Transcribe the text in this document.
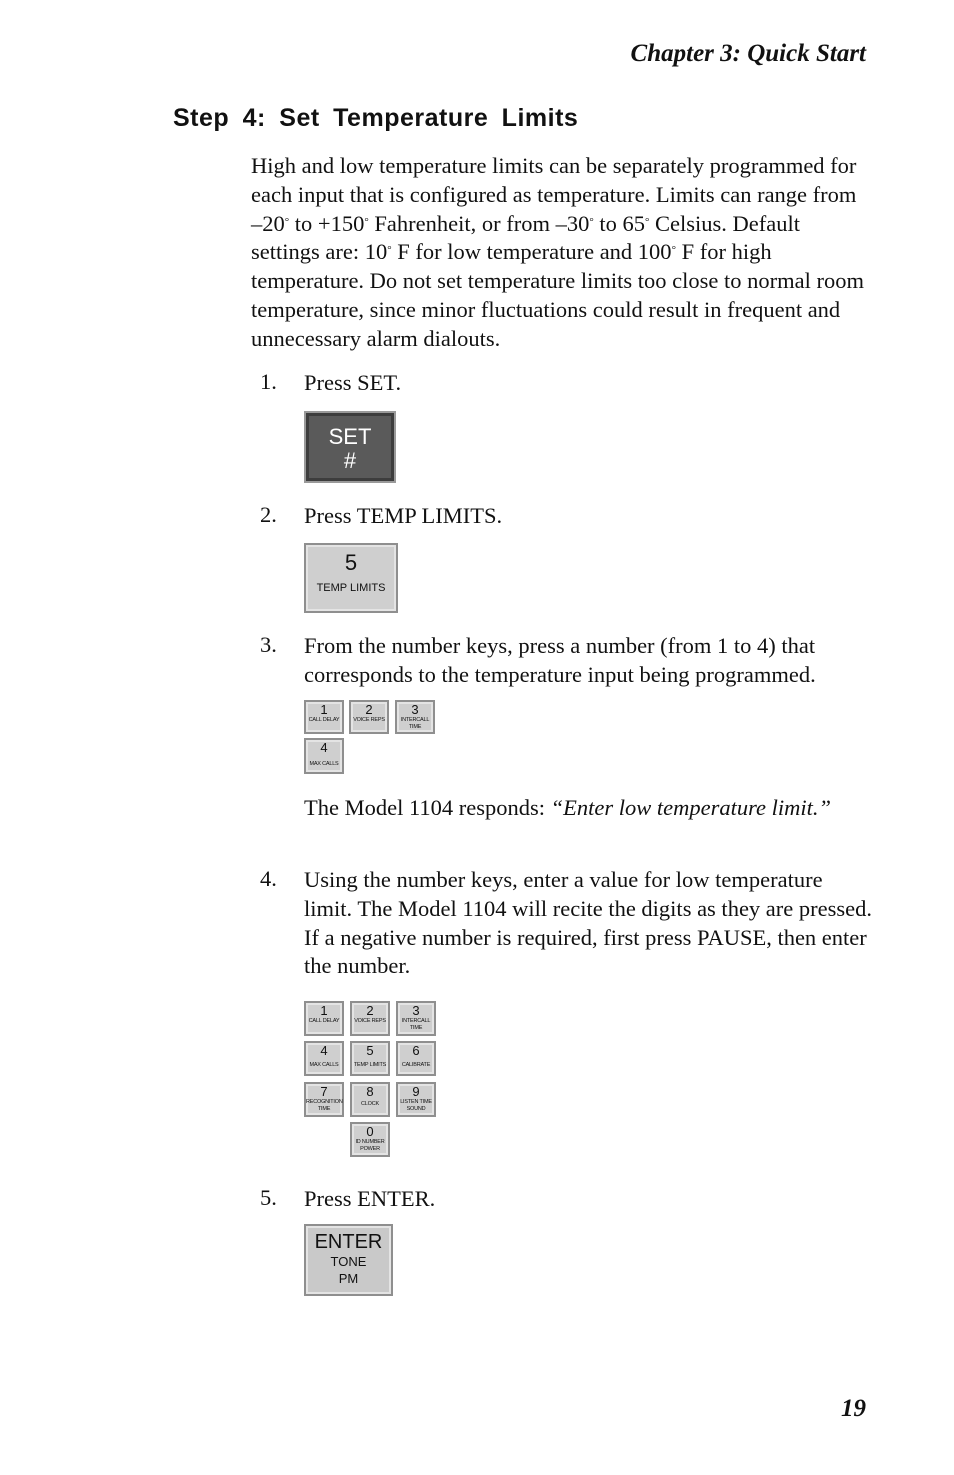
Chapter 3: Quick Start
Step 4: Set Temperature Limits
High and low temperature limits can be separately programmed for each input that is configured as temperature. Limits can range from –20° to +150° Fahrenheit, or from –30° to 65° Celsius. Default settings are: 10° F for low temperature and 100° F for high temperature. Do not set temperature limits too close to normal room temperature, since minor fluctuations could result in frequent and unnecessary alarm dialouts.
1. Press SET.
SET
#
2. Press TEMP LIMITS.
5
TEMP LIMITS
3. From the number keys, press a number (from 1 to 4) that corresponds to the temperature input being programmed.
1
CALL DELAY
2
VOICE REPS
3
INTERCALL TIME
4
MAX CALLS
The Model 1104 responds: “Enter low temperature limit.”
4. Using the number keys, enter a value for low temperature limit. The Model 1104 will recite the digits as they are pressed. If a negative number is required, first press PAUSE, then enter the number.
1
CALL DELAY
2
VOICE REPS
3
INTERCALL TIME
4
MAX CALLS
5
TEMP LIMITS
6
CALIBRATE
7
RECOGNITION TIME
8
CLOCK
9
LISTEN TIME SOUND
0
ID NUMBER POWER
5. Press ENTER.
ENTER
TONE
PM
19
